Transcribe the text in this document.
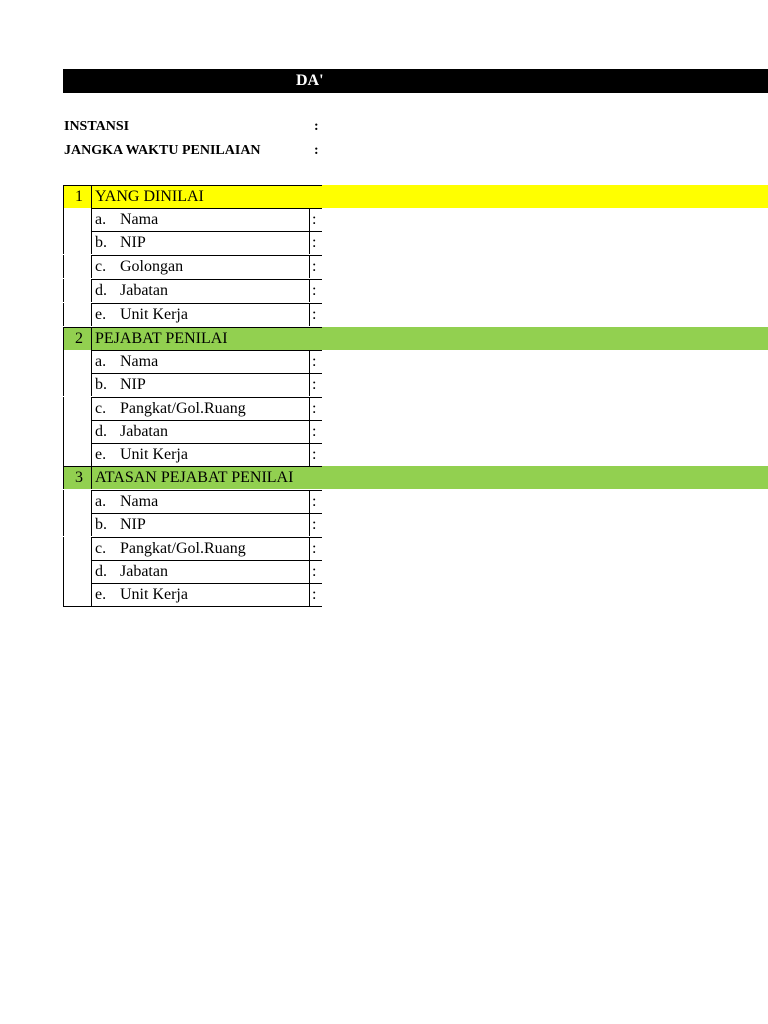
DA'
INSTANSI	:
JANGKA WAKTU PENILAIAN	:
1 YANG DINILAI
a. Nama	:
b. NIP	:
c. Golongan	:
d. Jabatan	:
e. Unit Kerja	:
2 PEJABAT PENILAI
a. Nama	:
b. NIP	:
c. Pangkat/Gol.Ruang	:
d. Jabatan	:
e. Unit Kerja	:
3 ATASAN PEJABAT PENILAI
a. Nama	:
b. NIP	:
c. Pangkat/Gol.Ruang	:
d. Jabatan	:
e. Unit Kerja	:
